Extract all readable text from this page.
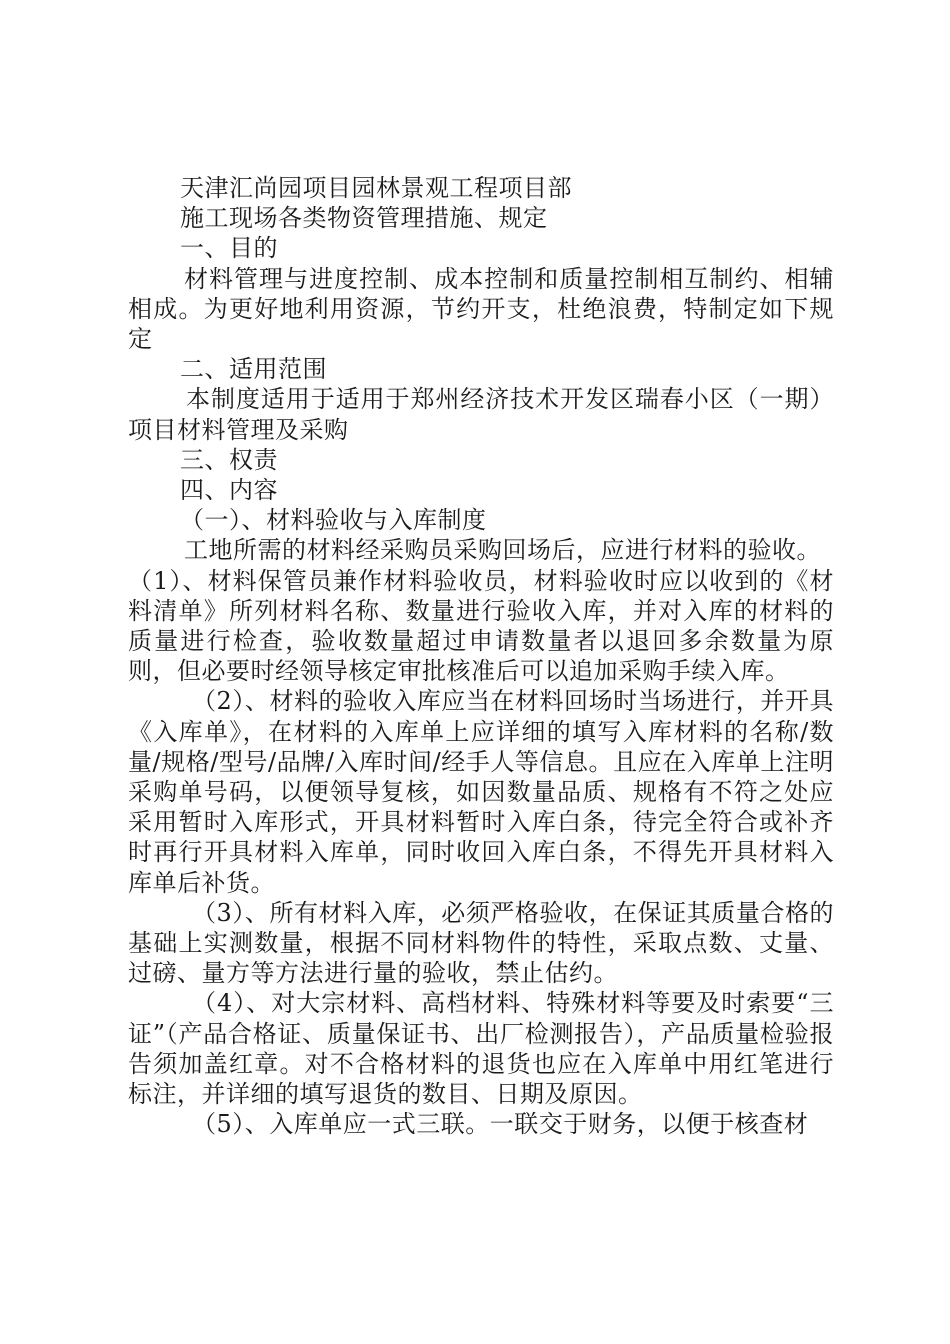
天津汇尚园项目园林景观工程项目部

施工现场各类物资管理措施、规定

一、目的

材料管理与进度控制、成本控制和质量控制相互制约、相辅相成。为更好地利用资源，节约开支，杜绝浪费，特制定如下规定

二、适用范围

本制度适用于适用于郑州经济技术开发区瑞春小区（一期）项目材料管理及采购

三、权责

四、内容

（一）、材料验收与入库制度

工地所需的材料经采购员采购回场后，应进行材料的验收。

（1）、材料保管员兼作材料验收员，材料验收时应以收到的《材料清单》所列材料名称、数量进行验收入库，并对入库的材料的质量进行检查，验收数量超过申请数量者以退回多余数量为原则，但必要时经领导核定审批核准后可以追加采购手续入库。

（2）、材料的验收入库应当在材料回场时当场进行，并开具《入库单》，在材料的入库单上应详细的填写入库材料的名称/数量/规格/型号/品牌/入库时间/经手人等信息。且应在入库单上注明采购单号码，以便领导复核，如因数量品质、规格有不符之处应采用暂时入库形式，开具材料暂时入库白条，待完全符合或补齐时再行开具材料入库单，同时收回入库白条，不得先开具材料入库单后补货。

（3）、所有材料入库，必须严格验收，在保证其质量合格的基础上实测数量，根据不同材料物件的特性，采取点数、丈量、过磅、量方等方法进行量的验收，禁止估约。

（4）、对大宗材料、高档材料、特殊材料等要及时索要“三证”（产品合格证、质量保证书、出厂检测报告），产品质量检验报告须加盖红章。对不合格材料的退货也应在入库单中用红笔进行标注，并详细的填写退货的数目、日期及原因。

（5）、入库单应一式三联。一联交于财务，以便于核查材
